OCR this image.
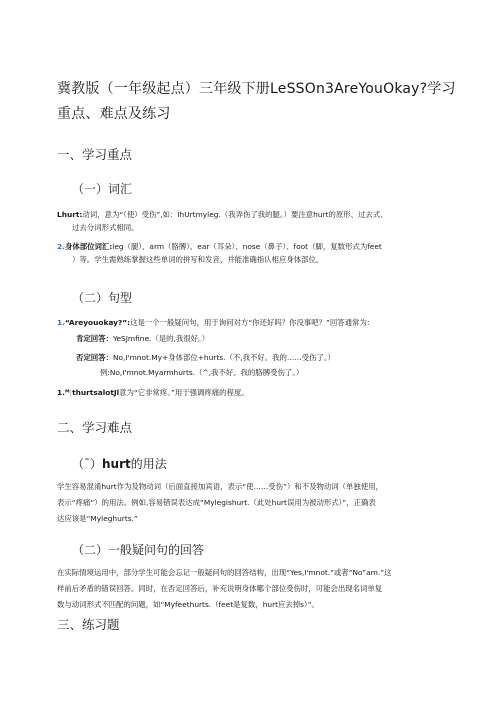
冀教版（一年级起点）三年级下册LeSSOn3AreYouOkay?学习重点、难点及练习
一、学习重点
（一）词汇
Lhurt:动词，意为“（使）受伤”,如：IhUrtmyleg.（我弄伤了我的腿。）要注意hurt的原形、过去式、
过去分词形式相同。
2.身体部位词汇:leg（腿）、arm（胳膊）、ear（耳朵）、nose（鼻子）、foot（脚，复数形式为feet
）等。学生需熟练掌握这些单词的拼写和发音，并能准确指认相应身体部位。
（二）句型
1.“Areyouokay?”:这是一个一般疑问句，用于询问对方“你还好吗？你没事吧？”回答通常为：
肯定回答：YeSJmfine.（是的,我很好。）
否定回答：No,I'mnot.My+身体部位+hurts.（不,我不好。我的……受伤了。）
例:No,I'mnot.Myarmhurts.（^,我不好。我的胳膊受伤了。）
1.ᴹ|thurtsalotJl意为“它非常疼。”用于强调疼痛的程度。
二、学习难点
（¯）hurt的用法
学生容易混淆hurt作为及物动词（后面直接加宾语，表示“使……受伤”）和不及物动词（单独使用，
表示“疼痛”）的用法。例如,容易错误表达成“Mylegishurt.（此处hurt误用为被动形式）”，正确表
达应该是“Myleghurts.”
（二）一般疑问句的回答
在实际情境运用中，部分学生可能会忘记一般疑问句的回答结构，出现“Yes,I'mnot.”或者“No”am.”这
样前后矛盾的错误回答。同时，在否定回答后，补充说明身体哪个部位受伤时，可能会出现名词单复
数与动词形式不匹配的问题，如“Myfeethurts.（feet是复数，hurt应去掉s）”。
三、练习题
